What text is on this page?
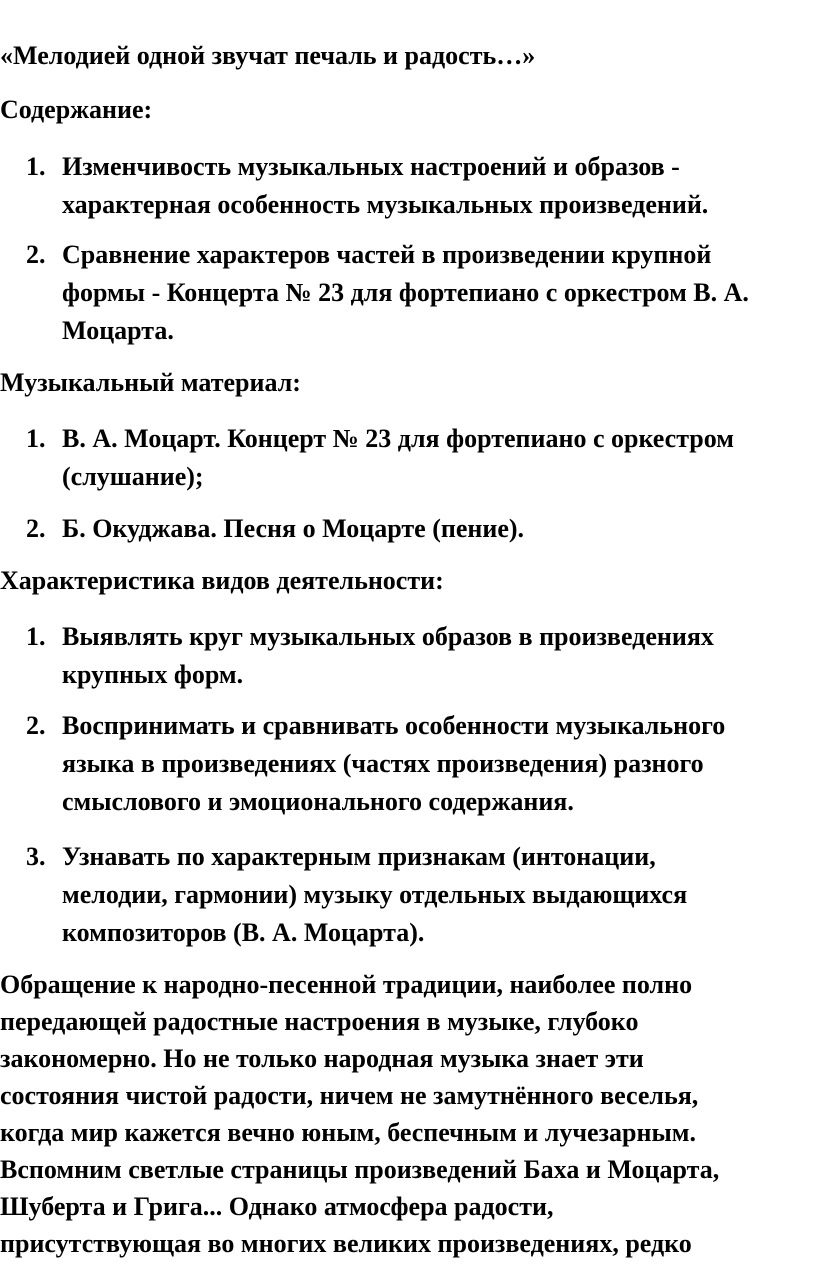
«Мелодией одной звучат печаль и радость…»
Содержание:
1. Изменчивость музыкальных настроений и образов -
характерная особенность музыкальных произведений.
2. Сравнение характеров частей в произведении крупной
формы - Концерта № 23 для фортепиано с оркестром В. А.
Моцарта.
Музыкальный материал:
1. В. А. Моцарт. Концерт № 23 для фортепиано с оркестром
(слушание);
2. Б. Окуджава. Песня о Моцарте (пение).
Характеристика видов деятельности:
1. Выявлять круг музыкальных образов в произведениях
крупных форм.
2. Воспринимать и сравнивать особенности музыкального
языка в произведениях (частях произведения) разного
смыслового и эмоционального содержания.
3. Узнавать по характерным признакам (интонации,
мелодии, гармонии) музыку отдельных выдающихся
композиторов (В. А. Моцарта).
Обращение к народно-песенной традиции, наиболее полно
передающей радостные настроения в музыке, глубоко
закономерно. Но не только народная музыка знает эти
состояния чистой радости, ничем не замутнённого веселья,
когда мир кажется вечно юным, беспечным и лучезарным.
Вспомним светлые страницы произведений Баха и Моцарта,
Шуберта и Грига... Однако атмосфера радости,
присутствующая во многих великих произведениях, редко
